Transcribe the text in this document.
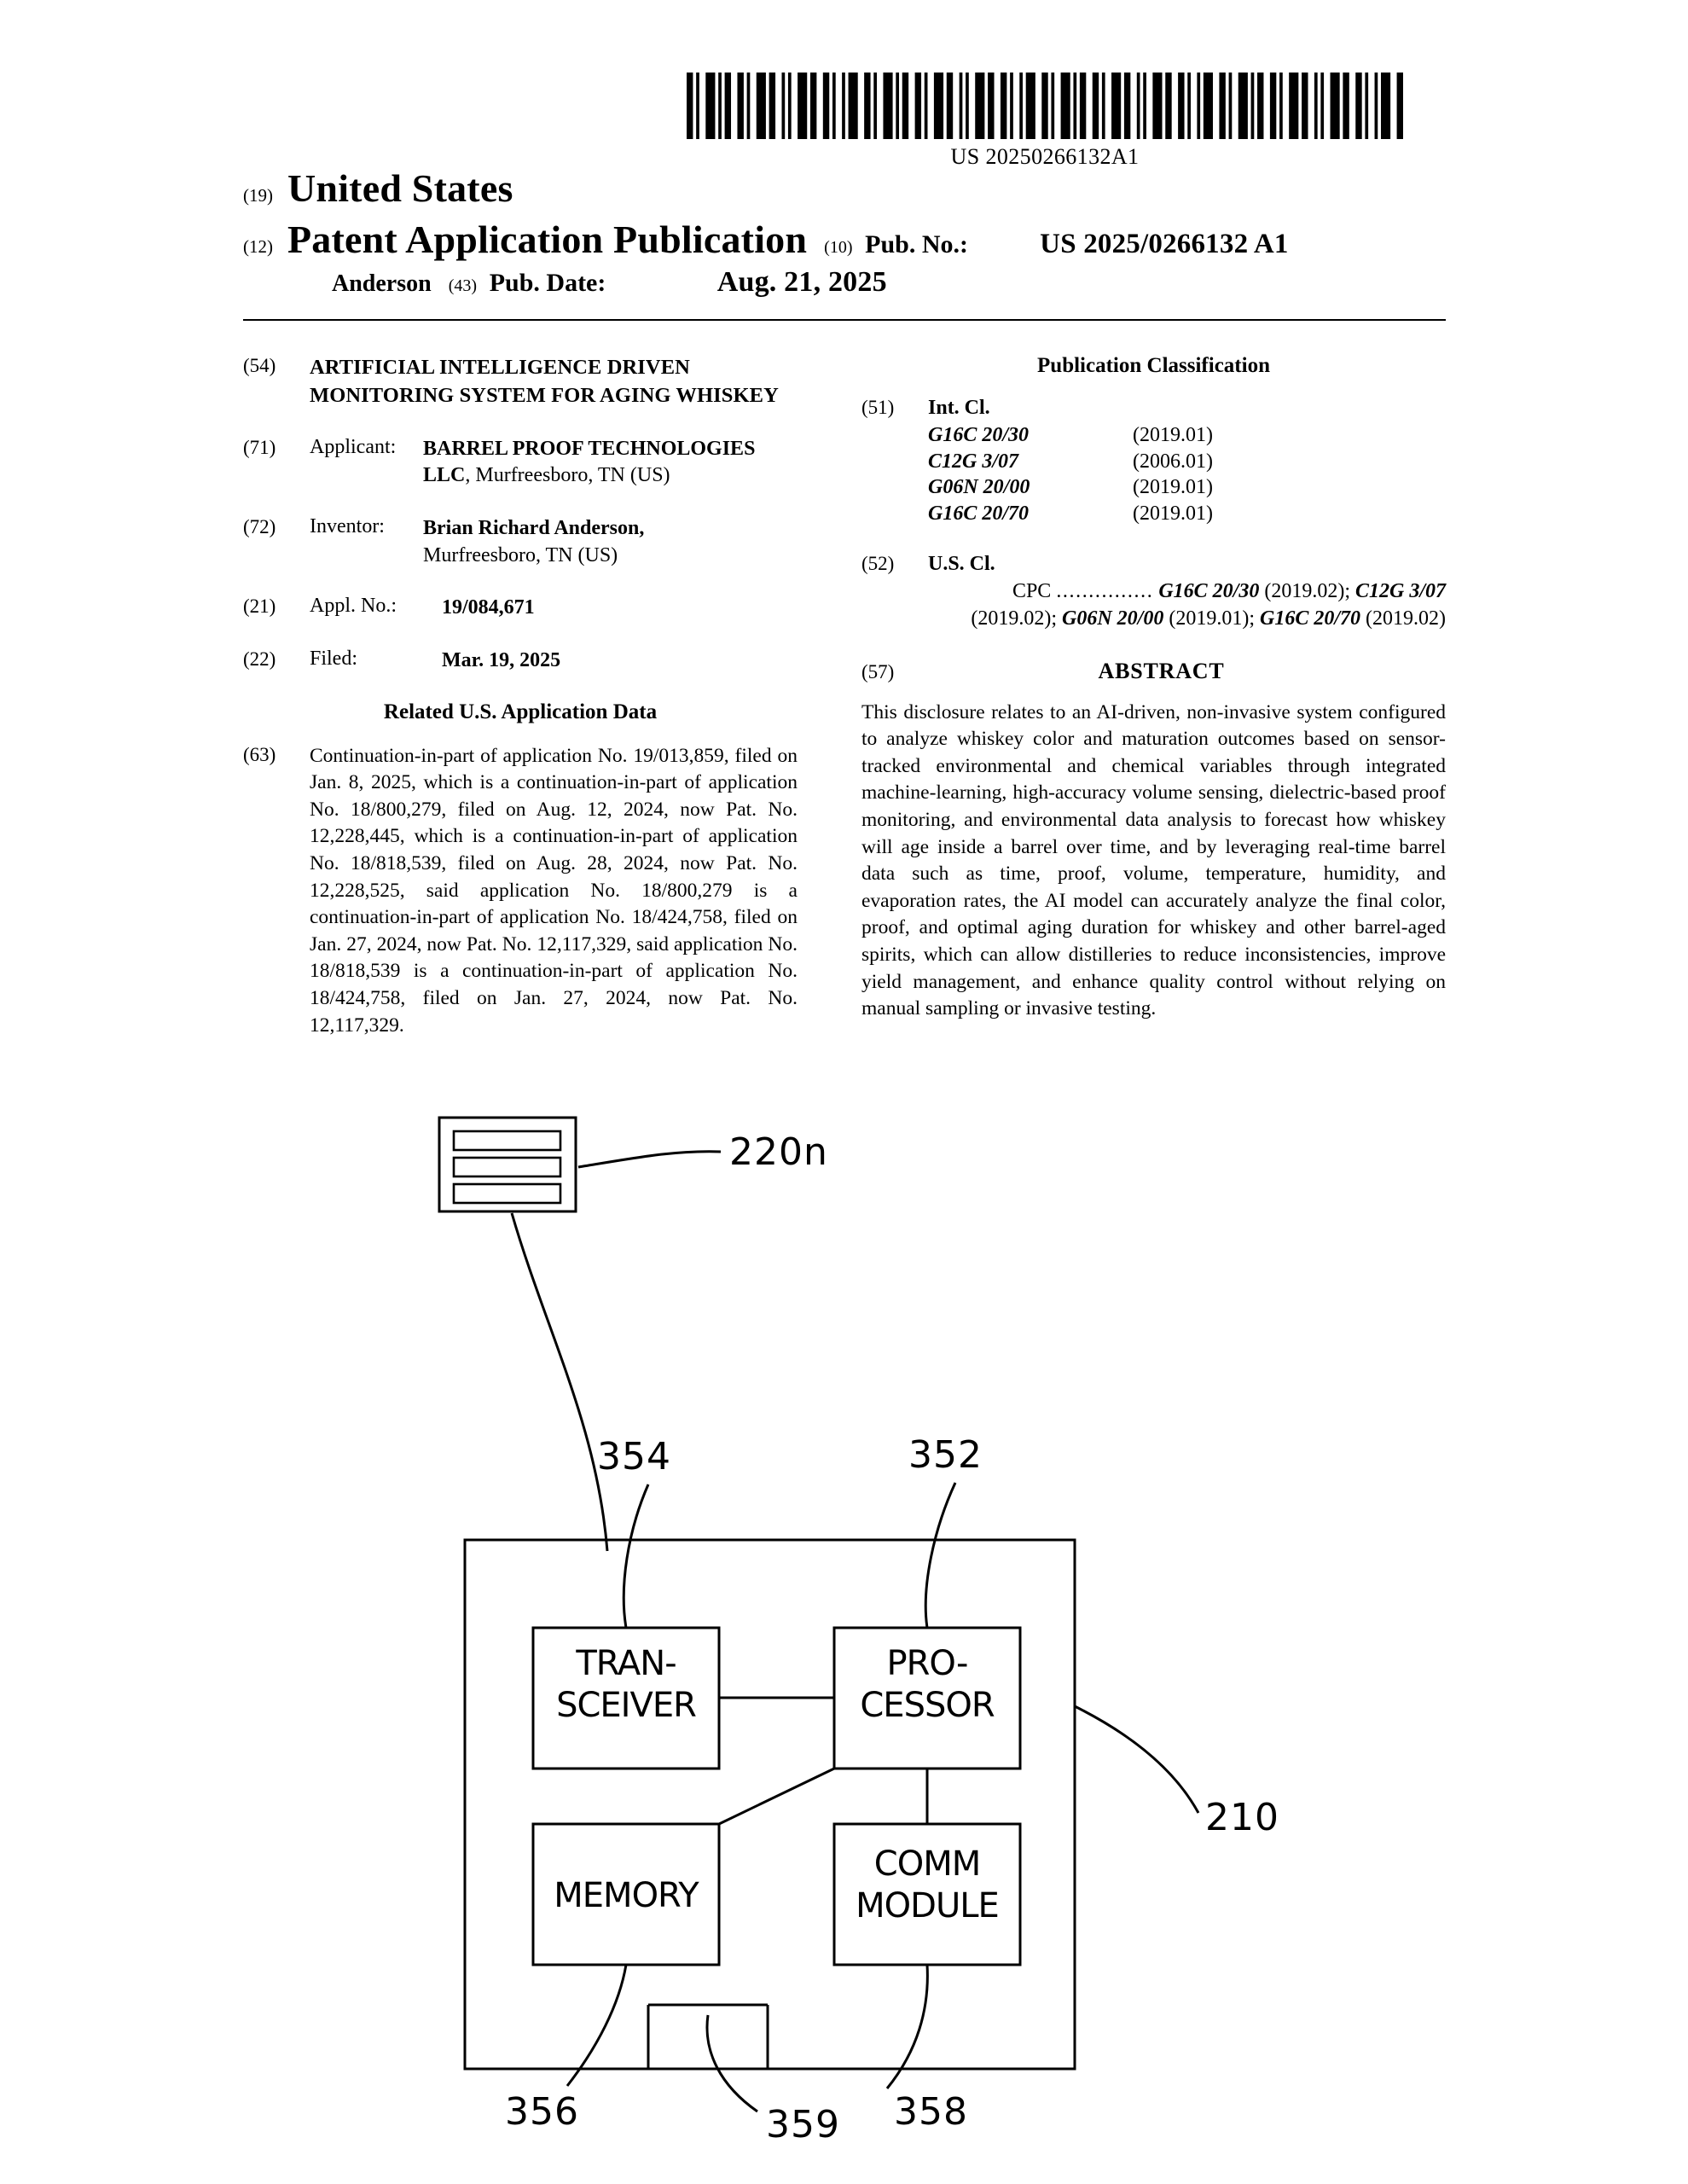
US 20250266132A1
(19) United States
(12) Patent Application Publication (10) Pub. No.:	US 2025/0266132 A1
Anderson (43) Pub. Date:	Aug. 21, 2025
(54)	ARTIFICIAL INTELLIGENCE DRIVEN MONITORING SYSTEM FOR AGING WHISKEY
(71)	Applicant: BARREL PROOF TECHNOLOGIES LLC, Murfreesboro, TN (US)
(72)	Inventor: Brian Richard Anderson,
Murfreesboro, TN (US)
(21)	Appl. No.: 19/084,671
(22)	Filed:	Mar. 19, 2025
Related U.S. Application Data
(63)	Continuation-in-part of application No. 19/013,859, filed on Jan. 8, 2025, which is a continuation-in-part of application No. 18/800,279, filed on Aug. 12, 2024, now Pat. No. 12,228,445, which is a continuation-in-part of application No. 18/818,539, filed on Aug. 28, 2024, now Pat. No. 12,228,525, said application No. 18/800,279 is a continuation-in-part of application No. 18/424,758, filed on Jan. 27, 2024, now Pat. No. 12,117,329, said application No. 18/818,539 is a continuation-in-part of application No. 18/424,758, filed on Jan. 27, 2024, now Pat. No. 12,117,329.
Publication Classification
(51)	Int. Cl.
G16C 20/30	(2019.01)
C12G 3/07	(2006.01)
G06N 20/00	(2019.01)
G16C 20/70	(2019.01)
(52)	U.S. Cl.
CPC ............... G16C 20/30 (2019.02); C12G 3/07 (2019.02); G06N 20/00 (2019.01); G16C 20/70 (2019.02)
(57)	ABSTRACT
This disclosure relates to an AI-driven, non-invasive system configured to analyze whiskey color and maturation outcomes based on sensor-tracked environmental and chemical variables through integrated machine-learning, high-accuracy volume sensing, dielectric-based proof monitoring, and environmental data analysis to forecast how whiskey will age inside a barrel over time, and by leveraging real-time barrel data such as time, proof, volume, temperature, humidity, and evaporation rates, the AI model can accurately analyze the final color, proof, and optimal aging duration for whiskey and other barrel-aged spirits, which can allow distilleries to reduce inconsistencies, improve yield management, and enhance quality control without relying on manual sampling or invasive testing.
220n
TRAN-
SCEIVER
PRO-
CESSOR
MEMORY
COMM
MODULE
354	352
210
356	359 358
